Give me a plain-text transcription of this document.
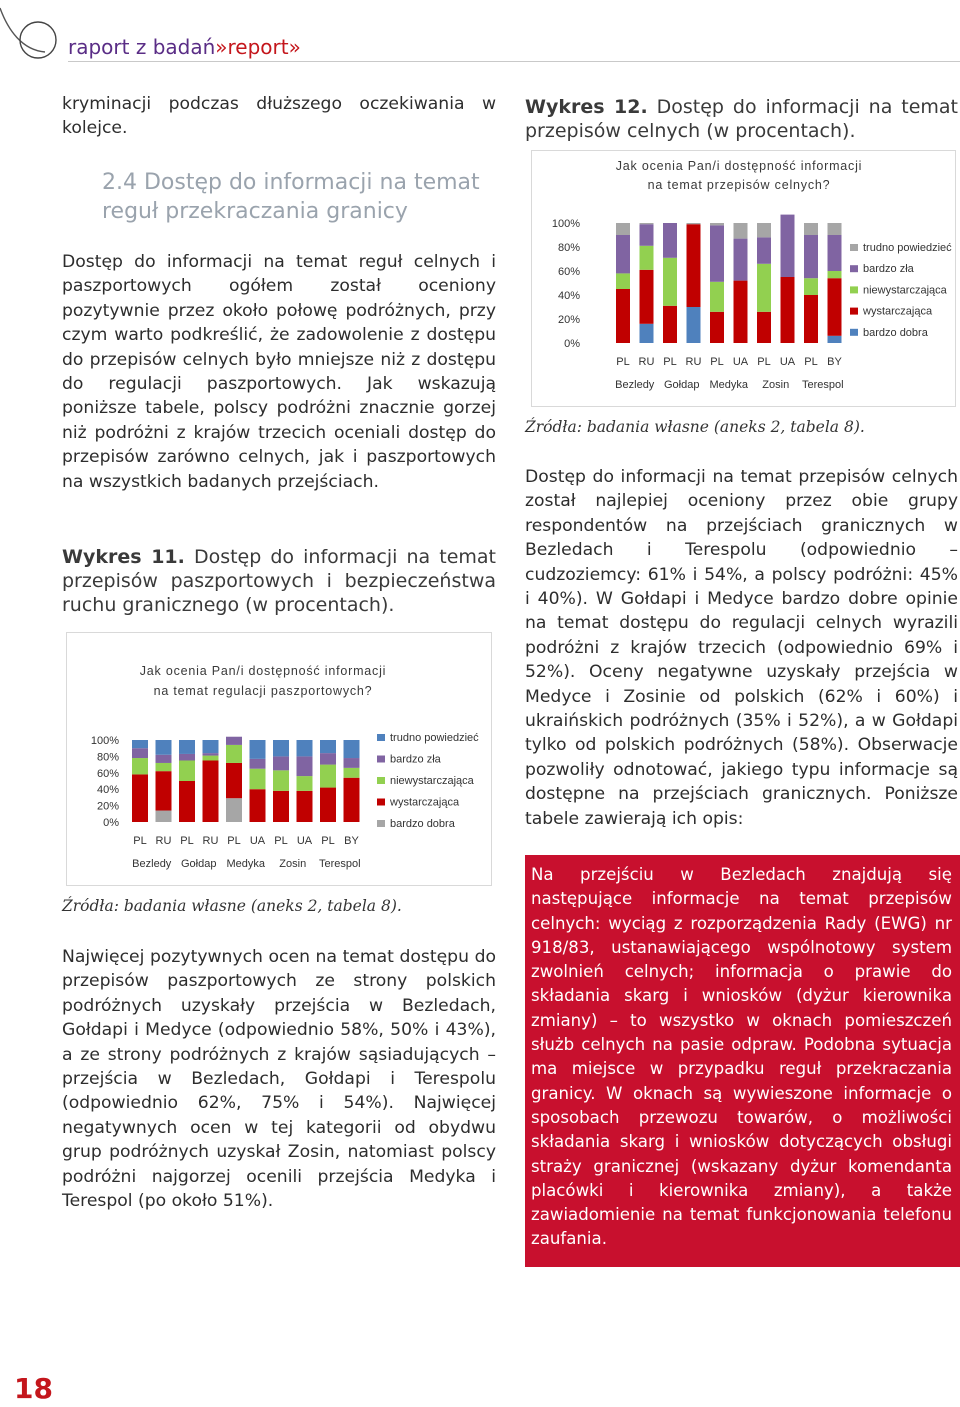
raport z badań»report»
kryminacji podczas dłuższego oczekiwania w kolejce.
2.4 Dostęp do informacji na temat reguł przekraczania granicy
Dostęp do informacji na temat reguł celnych i paszportowych ogółem został oceniony pozytywnie przez około połowę podróżnych, przy czym warto podkreślić, że zadowolenie z dostępu do przepisów celnych było mniejsze niż z dostępu do regulacji paszportowych. Jak wskazują poniższe tabele, polscy podróżni znacznie gorzej niż podróżni z krajów trzecich oceniali dostęp do przepisów zarówno celnych, jak i paszportowych na wszystkich badanych przejściach.
Wykres 11. Dostęp do informacji na temat przepisów paszportowych i bezpieczeństwa ruchu granicznego (w procentach).
Jak ocenia Pan/i dostępność informacji
na temat regulacji paszportowych?
0%
20%
40%
60%
80%
100%
PL RU PL RU PL UA PL UA PL BY
Bezledy Gołdap Medyka Zosin Terespol
trudno powiedzieć
bardzo zła
niewystarczająca
wystarczająca
bardzo dobra
Źródła: badania własne (aneks 2, tabela 8).
Najwięcej pozytywnych ocen na temat dostępu do przepisów paszportowych ze strony polskich podróżnych uzyskały przejścia w Bezledach, Gołdapi i Medyce (odpowiednio 58%, 50% i 43%), a ze strony podróżnych z krajów sąsiadujących – przejścia w Bezledach, Gołdapi i Terespolu (odpowiednio 62%, 75% i 54%). Najwięcej negatywnych ocen w tej kategorii od obydwu grup podróżnych uzyskał Zosin, natomiast polscy podróżni najgorzej ocenili przejścia Medyka i Terespol (po około 51%).
Wykres 12. Dostęp do informacji na temat przepisów celnych (w procentach).
Jak ocenia Pan/i dostępność informacji
na temat przepisów celnych?
0%
20%
40%
60%
80%
100%
PL RU PL RU PL UA PL UA PL BY
Bezledy Gołdap Medyka Zosin Terespol
trudno powiedzieć
bardzo zła
niewystarczająca
wystarczająca
bardzo dobra
Źródła: badania własne (aneks 2, tabela 8).
Dostęp do informacji na temat przepisów celnych został najlepiej oceniony przez obie grupy respondentów na przejściach granicznych w Bezledach i Terespolu (odpowiednio – cudzoziemcy: 61% i 54%, a polscy podróżni: 45% i 40%). W Gołdapi i Medyce bardzo dobre opinie na temat dostępu do regulacji celnych wyrazili podróżni z krajów trzecich (odpowiednio 69% i 52%). Oceny negatywne uzyskały przejścia w Medyce i Zosinie od polskich (62% i 60%) i ukraińskich podróżnych (35% i 52%), a w Gołdapi tylko od polskich podróżnych (58%). Obserwacje pozwoliły odnotować, jakiego typu informacje są dostępne na przejściach granicznych. Poniższe tabele zawierają ich opis:
Na przejściu w Bezledach znajdują się następujące informacje na temat przepisów celnych: wyciąg z rozporządzenia Rady (EWG) nr 918/83, ustanawiającego wspólnotowy system zwolnień celnych; informacja o prawie do składania skarg i wniosków (dyżur kierownika zmiany) – to wszystko w oknach pomieszczeń służb celnych na pasie odpraw. Podobna sytuacja ma miejsce w przypadku reguł przekraczania granicy. W oknach są wywieszone informacje o sposobach przewozu towarów, o możliwości składania skarg i wniosków dotyczących obsługi straży granicznej (wskazany dyżur komendanta placówki i kierownika zmiany), a także zawiadomienie na temat funkcjonowania telefonu zaufania.
18
